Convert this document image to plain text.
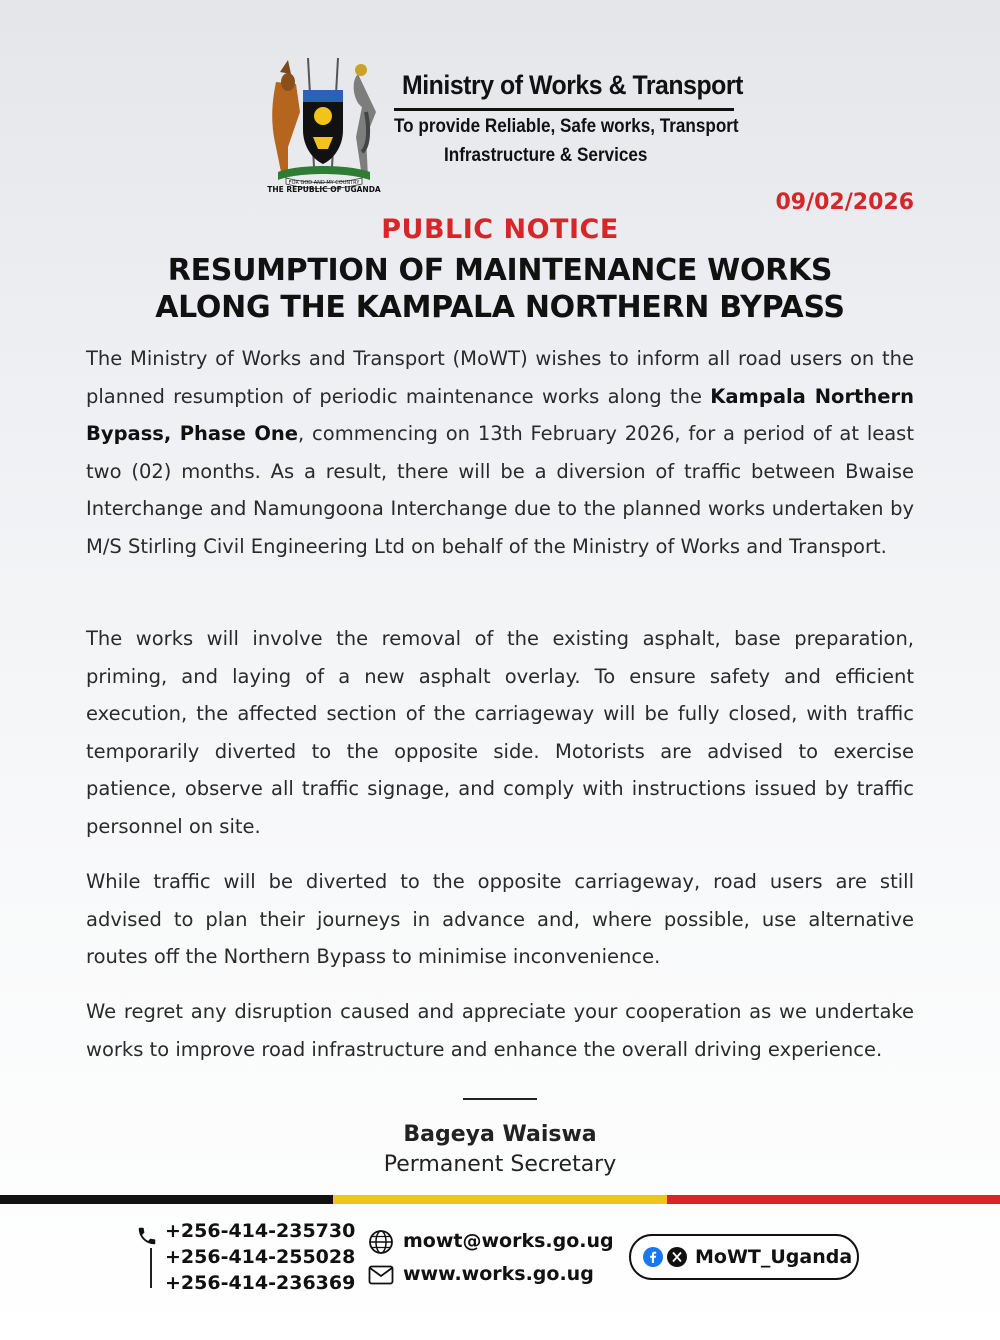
FOR GOD AND MY COUNTRY
THE REPUBLIC OF UGANDA
Ministry of Works & Transport
To provide Reliable, Safe works, Transport
Infrastructure & Services
09/02/2026
PUBLIC NOTICE
RESUMPTION OF MAINTENANCE WORKS
ALONG THE KAMPALA NORTHERN BYPASS
The Ministry of Works and Transport (MoWT) wishes to inform all road users on the planned resumption of periodic maintenance works along the Kampala Northern Bypass, Phase One, commencing on 13th February 2026, for a period of at least two (02) months. As a result, there will be a diversion of traffic between Bwaise Interchange and Namungoona Interchange due to the planned works undertaken by M/S Stirling Civil Engineering Ltd on behalf of the Ministry of Works and Transport.
The works will involve the removal of the existing asphalt, base preparation, priming, and laying of a new asphalt overlay. To ensure safety and efficient execution, the affected section of the carriageway will be fully closed, with traffic temporarily diverted to the opposite side. Motorists are advised to exercise patience, observe all traffic signage, and comply with instructions issued by traffic personnel on site.
While traffic will be diverted to the opposite carriageway, road users are still advised to plan their journeys in advance and, where possible, use alternative routes off the Northern Bypass to minimise inconvenience.
We regret any disruption caused and appreciate your cooperation as we undertake works to improve road infrastructure and enhance the overall driving experience.
Bageya Waiswa
Permanent Secretary
+256-414-235730
+256-414-255028
+256-414-236369
mowt@works.go.ug
www.works.go.ug
MoWT_Uganda
